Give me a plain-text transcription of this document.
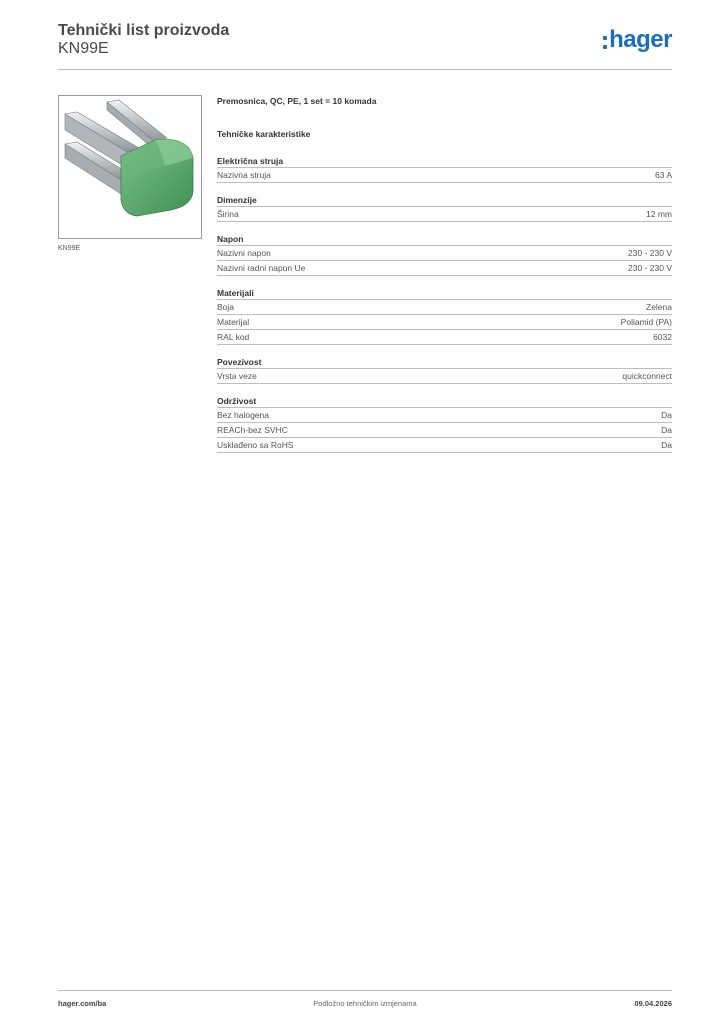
Tehnički list proizvoda
KN99E	hager
KN99E
Premosnica, QC, PE, 1 set = 10 komada
Tehničke karakteristike
Električna struja
Nazivna struja	63 A
Dimenzije
Širina	12 mm
Napon
Nazivni napon	230 - 230 V
Nazivni radni napon Ue	230 - 230 V
Materijali
Boja	Zelena
Materijal	Poliamid (PA)
RAL kod	6032
Povezivost
Vrsta veze	quickconnect
Održivost
Bez halogena	Da
REACh-bez SVHC	Da
Usklađeno sa RoHS	Da
hager.com/ba	Podložno tehničkim izmjenama	09.04.2026
